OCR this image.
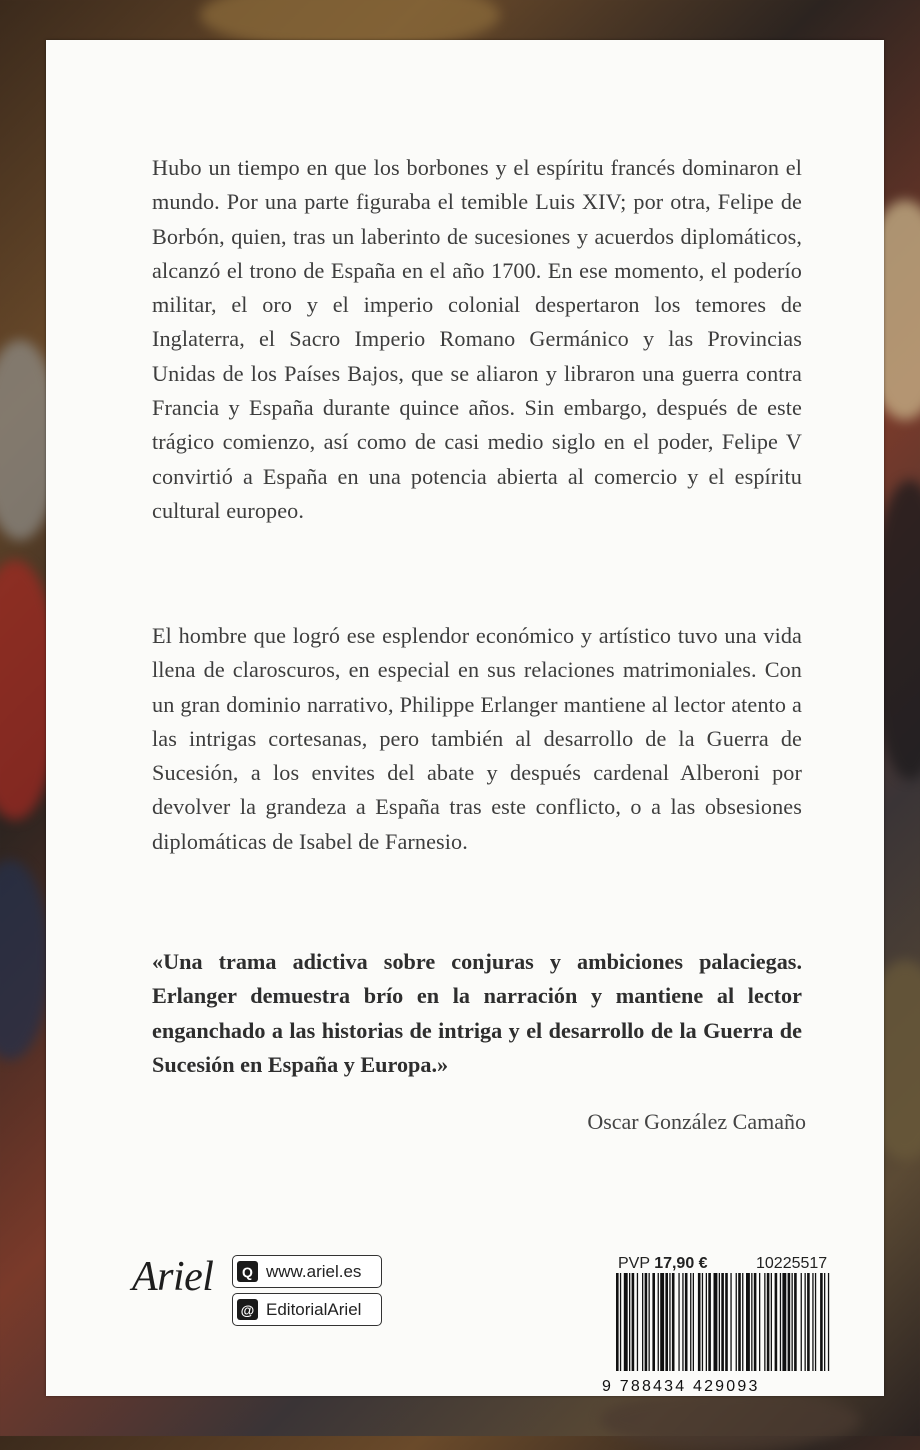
Hubo un tiempo en que los borbones y el espíritu francés dominaron el mundo. Por una parte figuraba el temible Luis XIV; por otra, Felipe de Borbón, quien, tras un laberinto de sucesiones y acuerdos diplomáticos, alcanzó el trono de España en el año 1700. En ese momento, el poderío militar, el oro y el imperio colonial despertaron los temores de Inglaterra, el Sacro Imperio Romano Germánico y las Provincias Unidas de los Países Bajos, que se aliaron y libraron una guerra contra Francia y España durante quince años. Sin embargo, después de este trágico comienzo, así como de casi medio siglo en el poder, Felipe V convirtió a España en una potencia abierta al comercio y el espíritu cultural europeo.

El hombre que logró ese esplendor económico y artístico tuvo una vida llena de claroscuros, en especial en sus relaciones matrimoniales. Con un gran dominio narrativo, Philippe Erlanger mantiene al lector atento a las intrigas cortesanas, pero también al desarrollo de la Guerra de Sucesión, a los envites del abate y después cardenal Alberoni por devolver la grandeza a España tras este conflicto, o a las obsesiones diplomáticas de Isabel de Farnesio.

«Una trama adictiva sobre conjuras y ambiciones palaciegas. Erlanger demuestra brío en la narración y mantiene al lector enganchado a las historias de intriga y el desarrollo de la Guerra de Sucesión en España y Europa.»
Oscar González Camaño
Ariel	Q www.ariel.es
@ EditorialAriel
PVP 17,90 €	10225517
9 788434 429093
